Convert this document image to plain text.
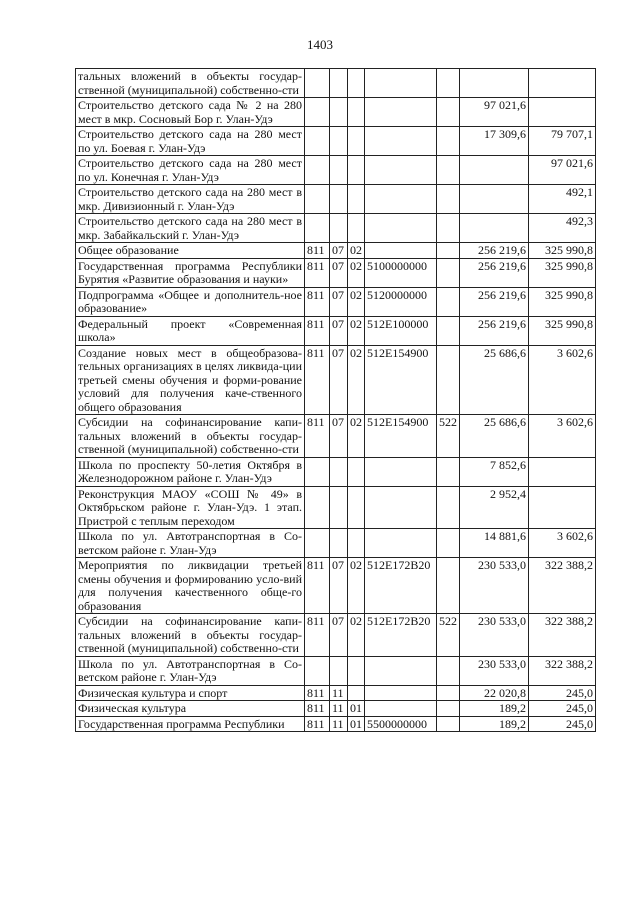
1403
тальных вложений в объекты государ-ственной (муниципальной) собственно-сти							
Строительство детского сада № 2 на 280 мест в мкр. Сосновый Бор г. Улан-Удэ						97 021,6	
Строительство детского сада на 280 мест по ул. Боевая г. Улан-Удэ						17 309,6	79 707,1
Строительство детского сада на 280 мест по ул. Конечная г. Улан-Удэ							97 021,6
Строительство детского сада на 280 мест в мкр. Дивизионный г. Улан-Удэ							492,1
Строительство детского сада на 280 мест в мкр. Забайкальский г. Улан-Удэ							492,3
Общее образование	811	07	02			256 219,6	325 990,8
Государственная программа Республики Бурятия «Развитие образования и науки»	811	07	02	5100000000		256 219,6	325 990,8
Подпрограмма «Общее и дополнитель-ное образование»	811	07	02	5120000000		256 219,6	325 990,8
Федеральный проект «Современная школа»	811	07	02	512E100000		256 219,6	325 990,8
Создание новых мест в общеобразова-тельных организациях в целях ликвида-ции третьей смены обучения и форми-рование условий для получения каче-ственного общего образования	811	07	02	512E154900		25 686,6	3 602,6
Субсидии на софинансирование капи-тальных вложений в объекты государ-ственной (муниципальной) собственно-сти	811	07	02	512E154900	522	25 686,6	3 602,6
Школа по проспекту 50-летия Октября в Железнодорожном районе г. Улан-Удэ						7 852,6	
Реконструкция МАОУ «СОШ № 49» в Октябрьском районе г. Улан-Удэ. 1 этап. Пристрой с теплым переходом						2 952,4	
Школа по ул. Автотранспортная в Со-ветском районе г. Улан-Удэ						14 881,6	3 602,6
Мероприятия по ликвидации третьей смены обучения и формированию усло-вий для получения качественного обще-го образования	811	07	02	512E172B20		230 533,0	322 388,2
Субсидии на софинансирование капи-тальных вложений в объекты государ-ственной (муниципальной) собственно-сти	811	07	02	512E172B20	522	230 533,0	322 388,2
Школа по ул. Автотранспортная в Со-ветском районе г. Улан-Удэ						230 533,0	322 388,2
Физическая культура и спорт	811	11				22 020,8	245,0
Физическая культура	811	11	01			189,2	245,0
Государственная программа Республики	811	11	01	5500000000		189,2	245,0
